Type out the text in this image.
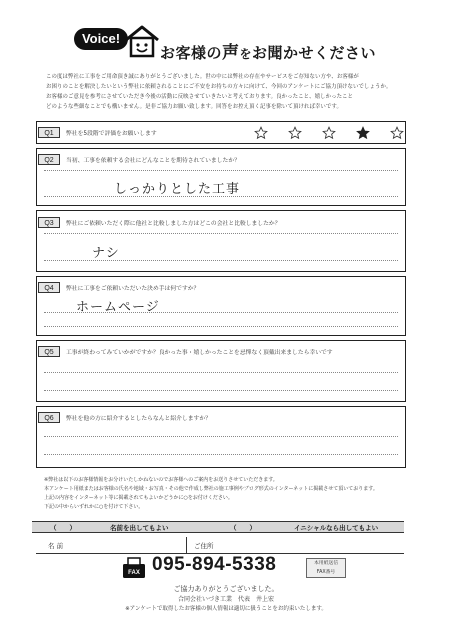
Voice!
お客様の声をお聞かせください
この度は弊社に工事をご用命頂き誠にありがとうございました。世の中には弊社の存在やサービスをご存知ない方や、お客様が
お困りのことを解決したいという弊社に依頼されることにご不安をお持ちの方々に向けて、今回のアンケートにご協力頂けないでしょうか。
お客様のご意見を参考にさせていただき今後の活動に反映させていきたいと考えております。良かったこと、嬉しかったこと
どのような些細なことでも構いません。是非ご協力お願い致します。回答をお控え頂く記事を除いて頂ければ幸いです。
Q1	弊社を5段階で評価をお願いします
Q2	当初、工事を依頼する会社にどんなことを期待されていましたか？
しっかりとした工事
Q3	弊社にご依頼いただく際に他社と比較しました方はどこの会社と比較しましたか？
ナシ
Q4	弊社に工事をご依頼いただいた決め手は何ですか？
ホームページ
Q5	工事が終わってみていかがですか？良かった事・嬉しかったことを忌憚なく頂戴出来ましたら幸いです
Q6	弊社を他の方に紹介するとしたらなんと紹介しますか？
※弊社は以下のお客様情報をお分けいたしかねないのでお客様へのご案内をお送りさせていただきます。
本アンケート用紙またはお客様の氏名や地域・お写真・その他で作成し弊社の施工事例やブログ形式のインターネットに掲載させて頂いております。
上記の内容をインターネット等に掲載されてもよいかどうかに○をお付けください。
下記の中からいずれかに○を付けて下さい。
（　　）	名前を出してもよい	（　　）	イニシャルなら出してもよい
名 前	ご住所
FAX 095-894-5338	本用紙送信
FAX番号
ご協力ありがとうございました。
合同会社いづき工業　代表　井上宏
※アンケートで取得したお客様の個人情報は適切に扱うことをお約束いたします。
